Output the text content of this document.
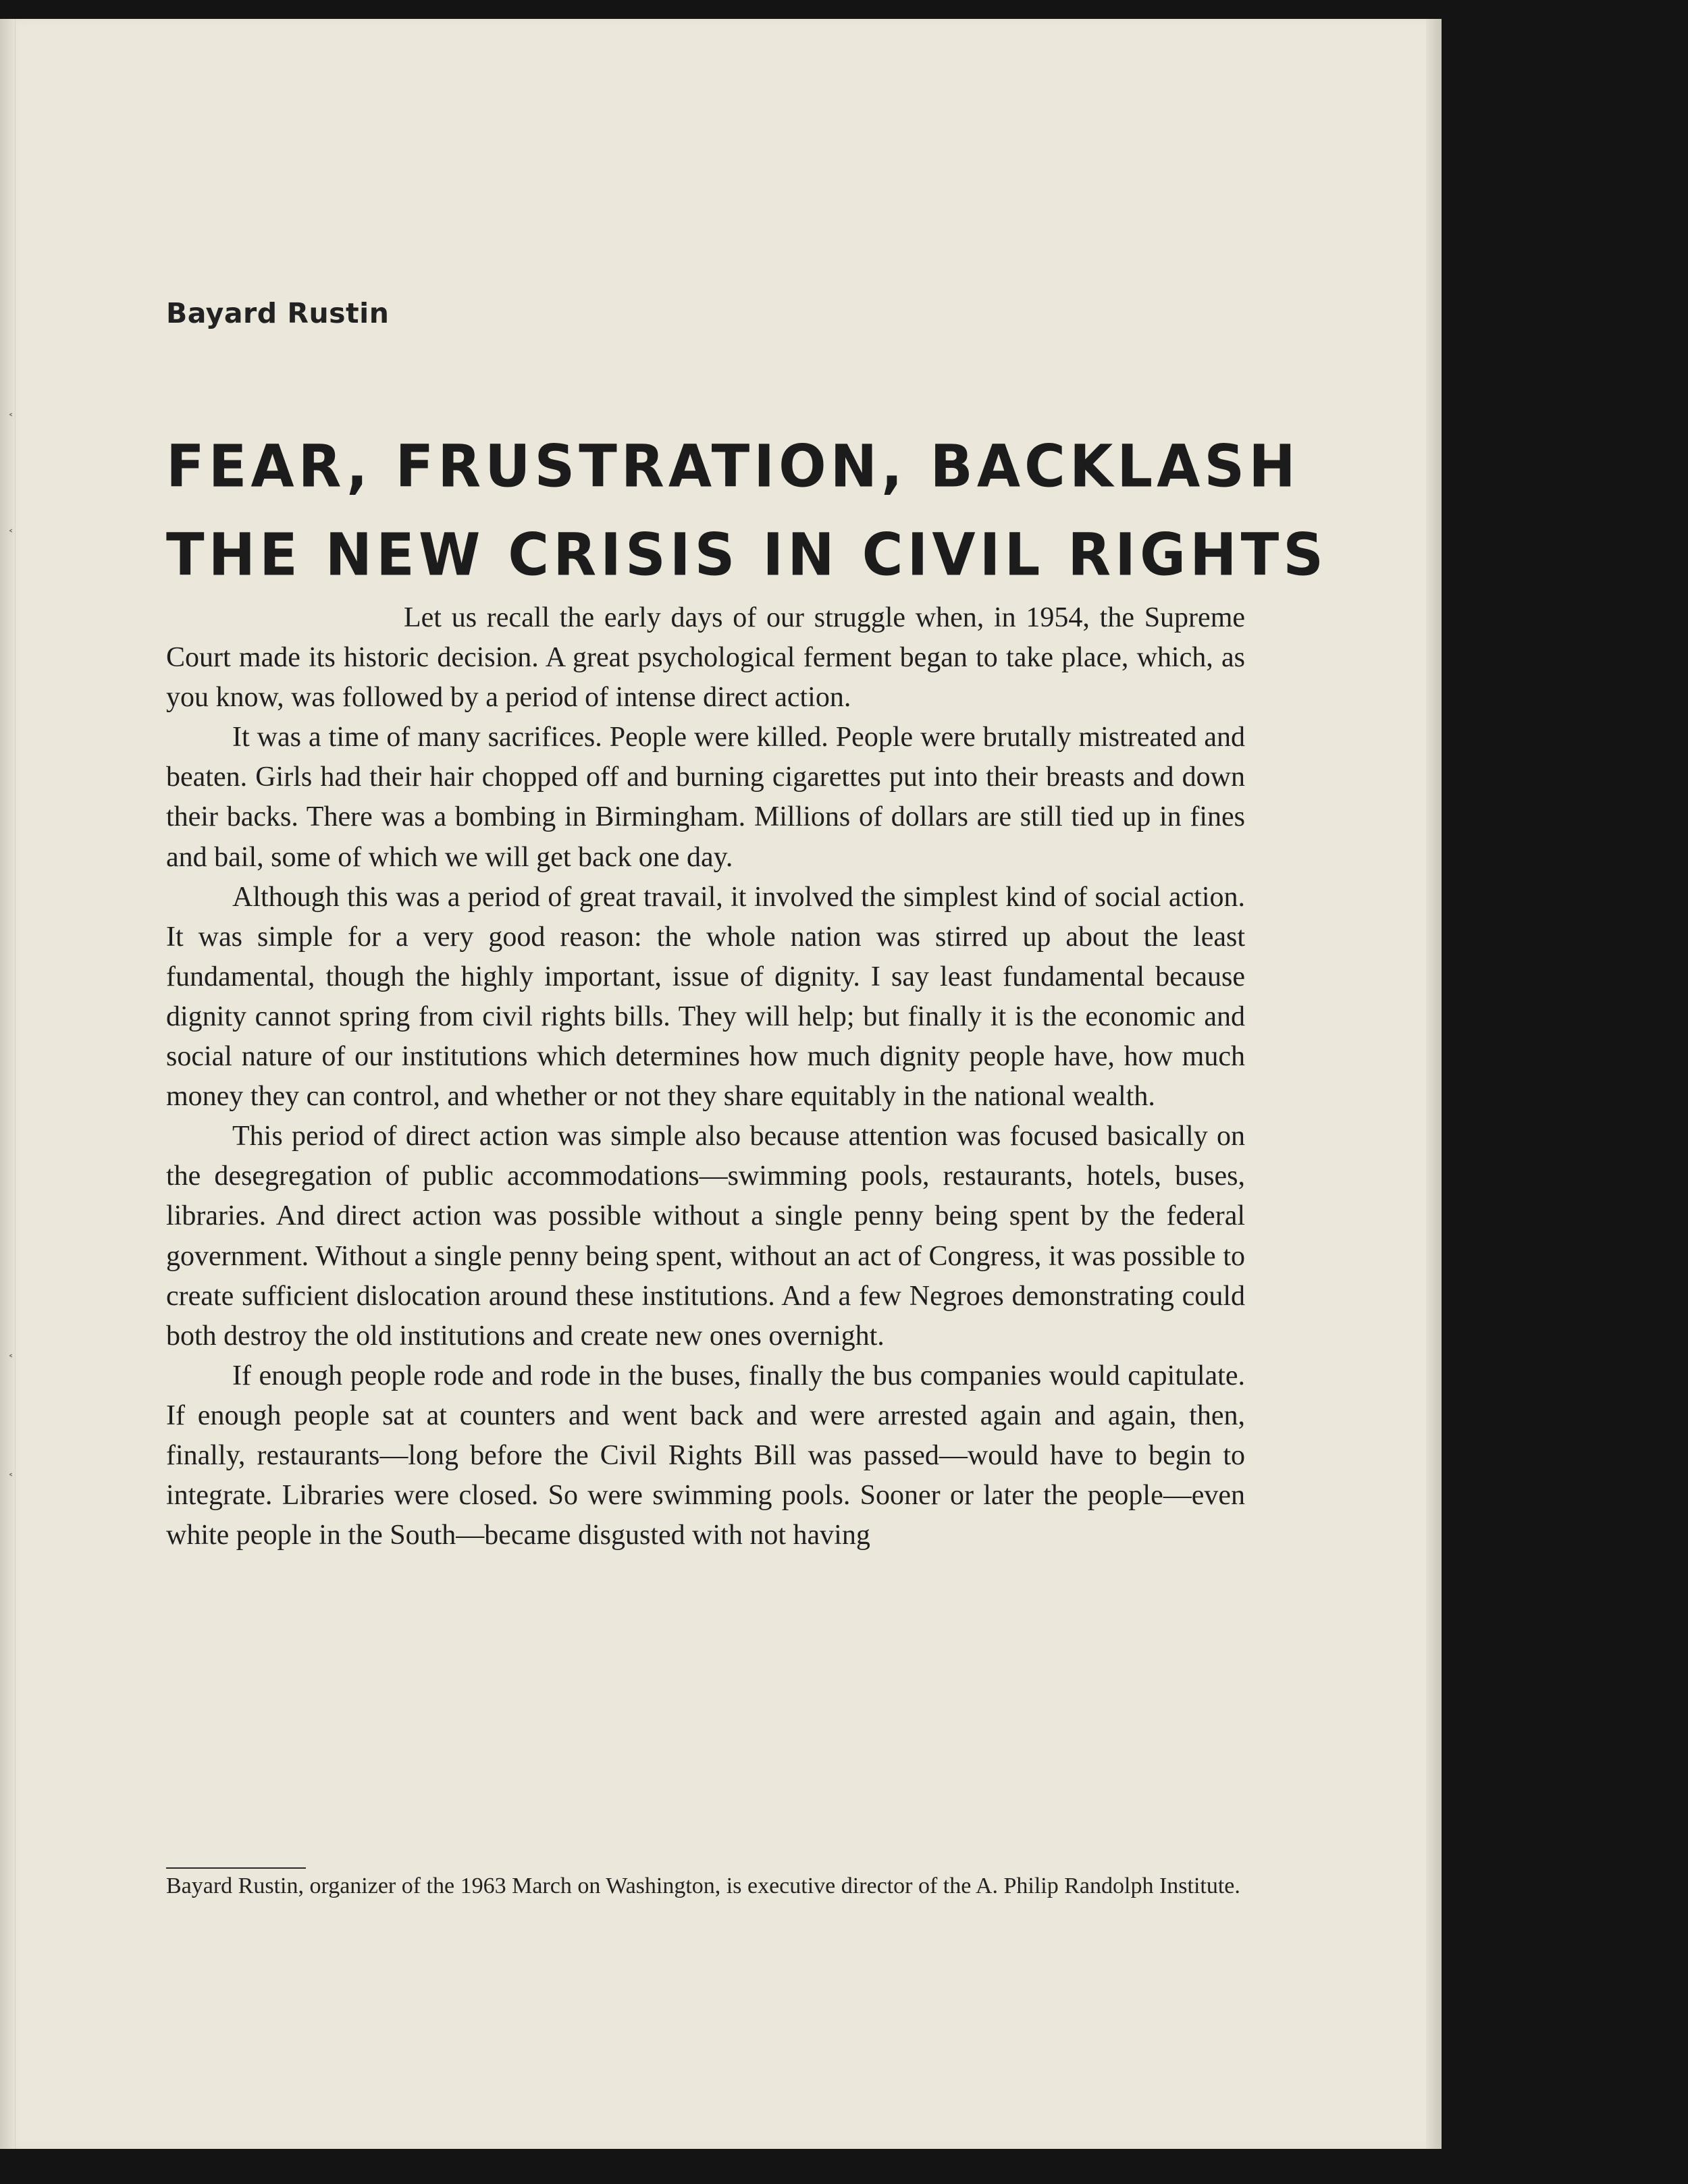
˂
˂
˂
˂
Bayard Rustin
FEAR, FRUSTRATION, BACKLASH
THE NEW CRISIS IN CIVIL RIGHTS

Let us recall the early days of our struggle when, in 1954, the Supreme Court made its historic decision. A great psychological ferment began to take place, which, as you know, was followed by a period of intense direct action.

It was a time of many sacrifices. People were killed. People were brutally mistreated and beaten. Girls had their hair chopped off and burning cigarettes put into their breasts and down their backs. There was a bombing in Birmingham. Millions of dollars are still tied up in fines and bail, some of which we will get back one day.

Although this was a period of great travail, it involved the simplest kind of social action. It was simple for a very good reason: the whole nation was stirred up about the least fundamental, though the highly important, issue of dignity. I say least fundamental because dignity cannot spring from civil rights bills. They will help; but finally it is the economic and social nature of our institutions which determines how much dignity people have, how much money they can control, and whether or not they share equitably in the national wealth.

This period of direct action was simple also because attention was focused basically on the desegregation of public accommodations—swimming pools, restaurants, hotels, buses, libraries. And direct action was possible without a single penny being spent by the federal government. Without a single penny being spent, without an act of Congress, it was possible to create sufficient dislocation around these institutions. And a few Negroes demonstrating could both destroy the old institutions and create new ones overnight.

If enough people rode and rode in the buses, finally the bus companies would capitulate. If enough people sat at counters and went back and were arrested again and again, then, finally, restaurants—long before the Civil Rights Bill was passed—would have to begin to integrate. Libraries were closed. So were swimming pools. Sooner or later the people—even white people in the South—became disgusted with not having

Bayard Rustin, organizer of the 1963 March on Washington, is executive director of the A. Philip Randolph Institute.
